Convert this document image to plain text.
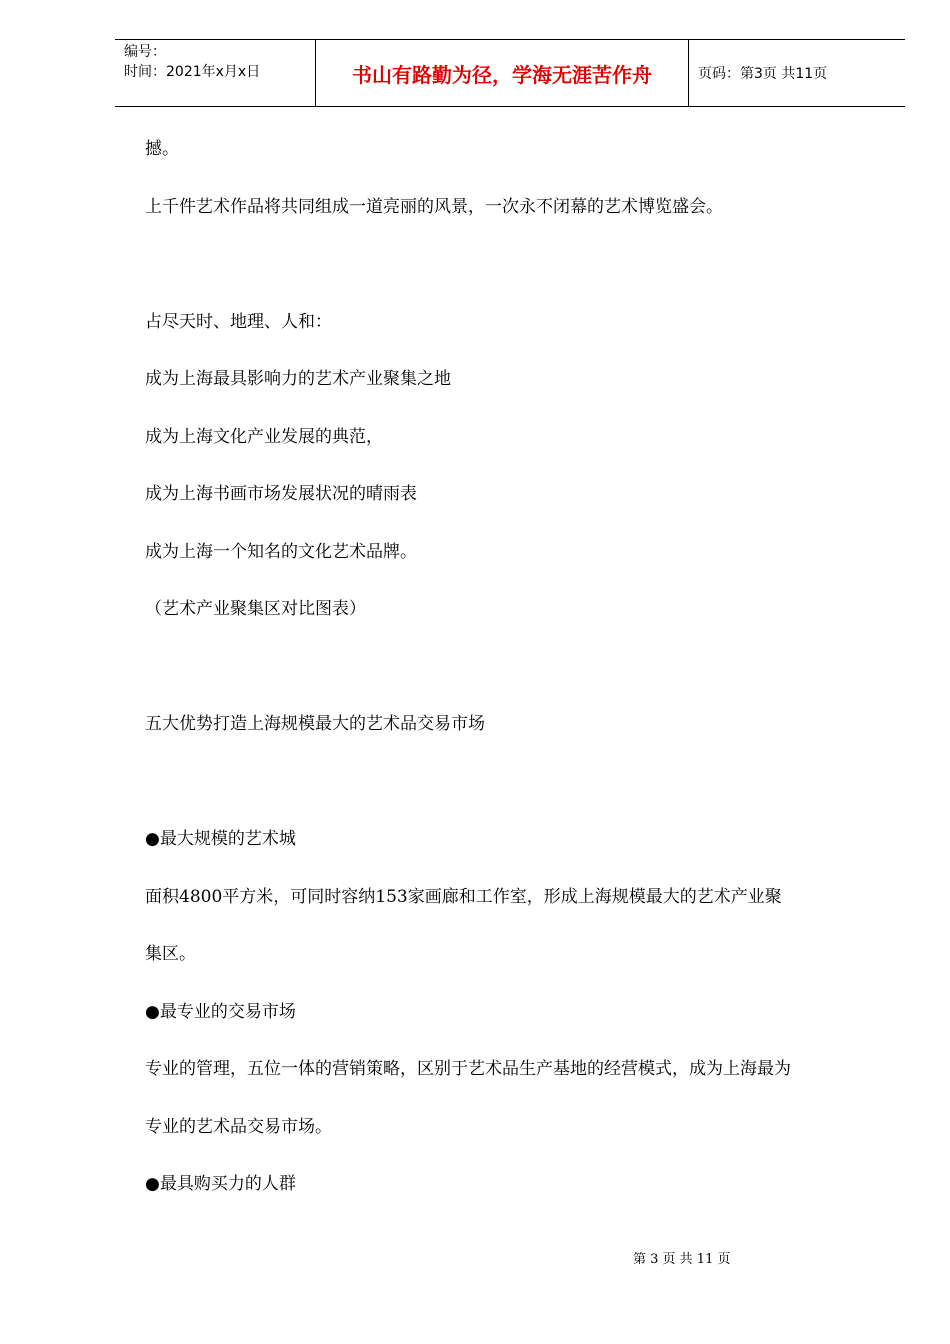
编号：
时间：2021年x月x日	书山有路勤为径，学海无涯苦作舟	页码：第3页 共11页
撼。
上千件艺术作品将共同组成一道亮丽的风景，一次永不闭幕的艺术博览盛会。
占尽天时、地理、人和：
成为上海最具影响力的艺术产业聚集之地
成为上海文化产业发展的典范，
成为上海书画市场发展状况的晴雨表
成为上海一个知名的文化艺术品牌。
（艺术产业聚集区对比图表）
五大优势打造上海规模最大的艺术品交易市场
●最大规模的艺术城
面积4800平方米，可同时容纳153家画廊和工作室，形成上海规模最大的艺术产业聚
集区。
●最专业的交易市场
专业的管理，五位一体的营销策略，区别于艺术品生产基地的经营模式，成为上海最为
专业的艺术品交易市场。
●最具购买力的人群
第 3 页 共 11 页
